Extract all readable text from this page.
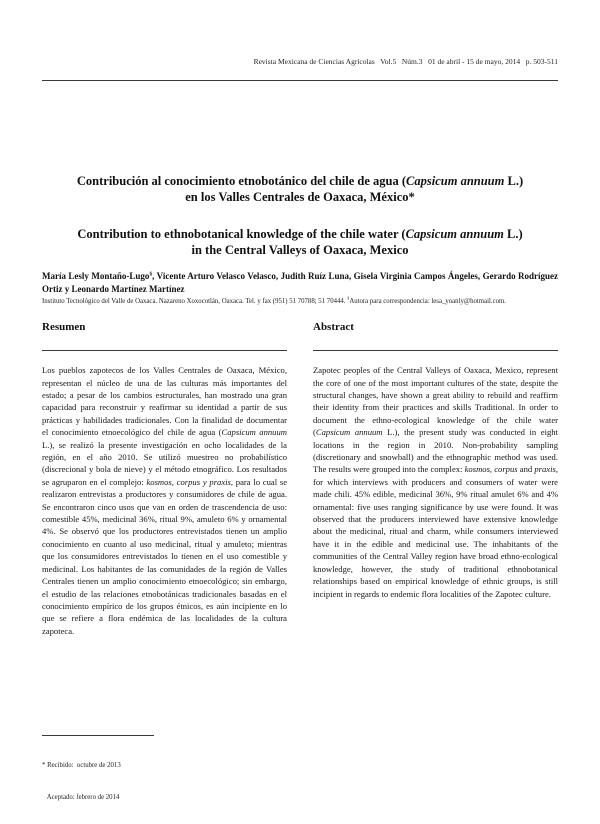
Revista Mexicana de Ciencias Agrícolas   Vol.5   Núm.3   01 de abril - 15 de mayo, 2014   p. 503-511

Contribución al conocimiento etnobotánico del chile de agua (Capsicum annuum L.)
en los Valles Centrales de Oaxaca, México*
Contribution to ethnobotanical knowledge of the chile water (Capsicum annuum L.)
in the Central Valleys of Oaxaca, Mexico

María Lesly Montaño-Lugo§, Vicente Arturo Velasco Velasco, Judith Ruíz Luna, Gisela Virginia Campos Ángeles, Gerardo Rodríguez Ortiz y Leonardo Martínez Martínez

Instituto Tecnológico del Valle de Oaxaca. Nazareno Xoxocotlán, Oaxaca. Tel. y fax (951) 51 70788; 51 70444. §Autora para correspondencia: lesa_yoanly@hotmail.com.

Resumen

Los pueblos zapotecos de los Valles Centrales de Oaxaca, México, representan el núcleo de una de las culturas más importantes del estado; a pesar de los cambios estructurales, han mostrado una gran capacidad para reconstruir y reafirmar su identidad a partir de sus prácticas y habilidades tradicionales. Con la finalidad de documentar el conocimiento etnoecológico del chile de agua (Capsicum annuum L.), se realizó la presente investigación en ocho localidades de la región, en el año 2010. Se utilizó muestreo no probabilístico (discrecional y bola de nieve) y el método etnográfico. Los resultados se agruparon en el complejo: kosmos, corpus y praxis, para lo cual se realizaron entrevistas a productores y consumidores de chile de agua. Se encontraron cinco usos que van en orden de trascendencia de uso: comestible 45%, medicinal 36%, ritual 9%, amuleto 6% y ornamental 4%. Se observó que los productores entrevistados tienen un amplio conocimiento en cuanto al uso medicinal, ritual y amuleto; mientras que los consumidores entrevistados lo tienen en el uso comestible y medicinal. Los habitantes de las comunidades de la región de Valles Centrales tienen un amplio conocimiento etnoecológico; sin embargo, el estudio de las relaciones etnobotánicas tradicionales basadas en el conocimiento empírico de los grupos étnicos, es aún incipiente en lo que se refiere a flora endémica de las localidades de la cultura zapoteca.

Abstract

Zapotec peoples of the Central Valleys of Oaxaca, Mexico, represent the core of one of the most important cultures of the state, despite the structural changes, have shown a great ability to rebuild and reaffirm their identity from their practices and skills Traditional. In order to document the ethno-ecological knowledge of the chile water (Capsicum annuum L.), the present study was conducted in eight locations in the region in 2010. Non-probability sampling (discretionary and snowball) and the ethnographic method was used. The results were grouped into the complex: kosmos, corpus and praxis, for which interviews with producers and consumers of water were made chili. 45% edible, medicinal 36%, 9% ritual amulet 6% and 4% ornamental: five uses ranging significance by use were found. It was observed that the producers interviewed have extensive knowledge about the medicinal, ritual and charm, while consumers interviewed have it in the edible and medicinal use. The inhabitants of the communities of the Central Valley region have broad ethno-ecological knowledge, however, the study of traditional ethnobotanical relationships based on empirical knowledge of ethnic groups, is still incipient in regards to endemic flora localities of the Zapotec culture.

* Recibido:  octubre de 2013

Aceptado: febrero de 2014
